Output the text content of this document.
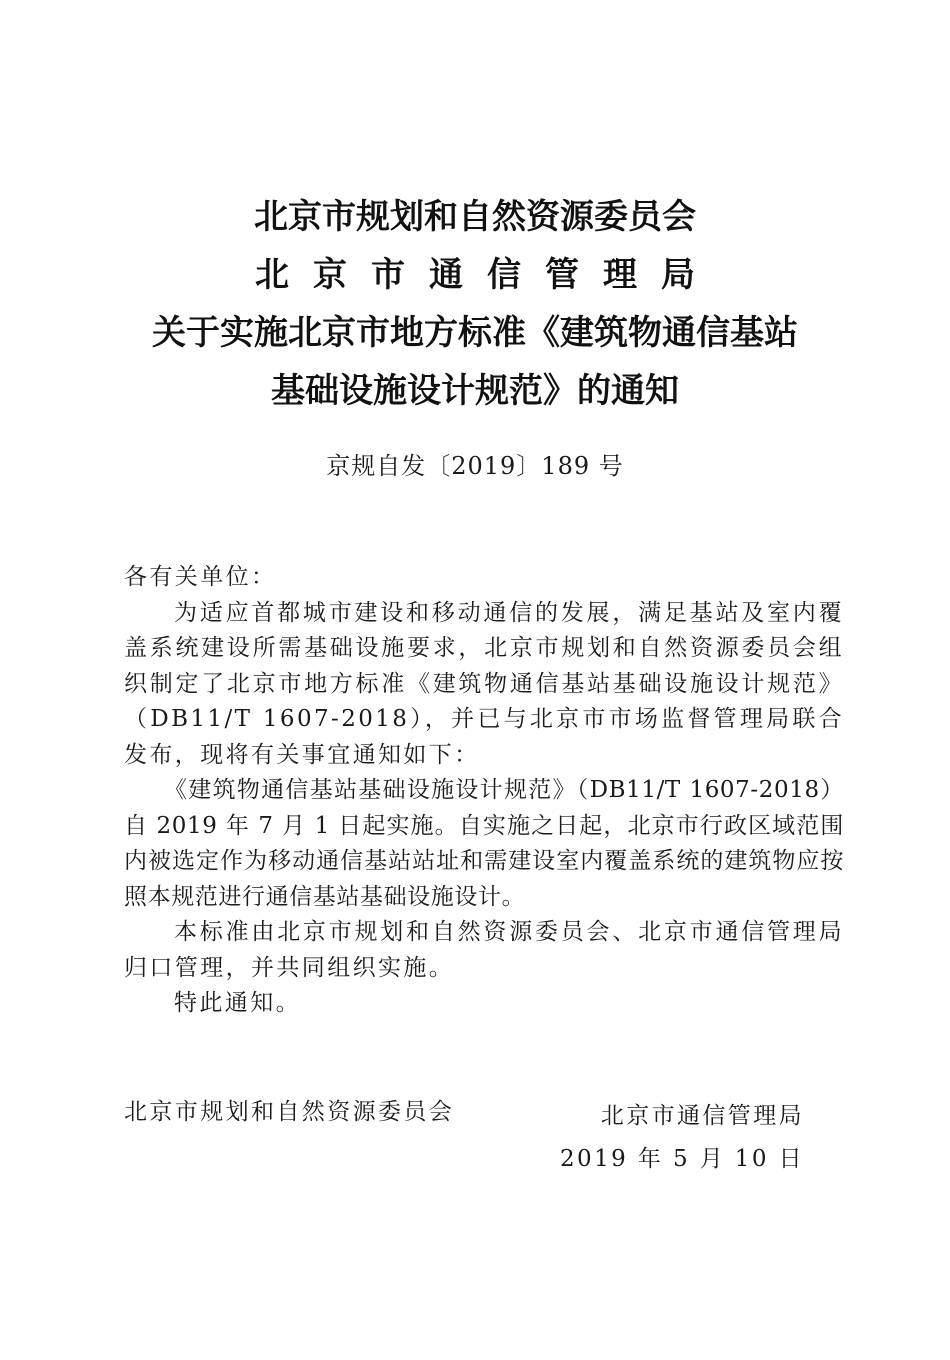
北京市规划和自然资源委员会
北京市通信管理局
关于实施北京市地方标准《建筑物通信基站
基础设施设计规范》的通知
京规自发〔2019〕189 号

各有关单位：

为适应首都城市建设和移动通信的发展，满足基站及室内覆盖系统建设所需基础设施要求，北京市规划和自然资源委员会组织制定了北京市地方标准《建筑物通信基站基础设施设计规范》（DB11/T 1607-2018），并已与北京市市场监督管理局联合发布，现将有关事宜通知如下：

《建筑物通信基站基础设施设计规范》（DB11/T 1607-2018）自 2019 年 7 月 1 日起实施。自实施之日起，北京市行政区域范围内被选定作为移动通信基站站址和需建设室内覆盖系统的建筑物应按照本规范进行通信基站基础设施设计。

本标准由北京市规划和自然资源委员会、北京市通信管理局归口管理，并共同组织实施。

特此通知。

北京市规划和自然资源委员会	北京市通信管理局
2019 年 5 月 10 日
